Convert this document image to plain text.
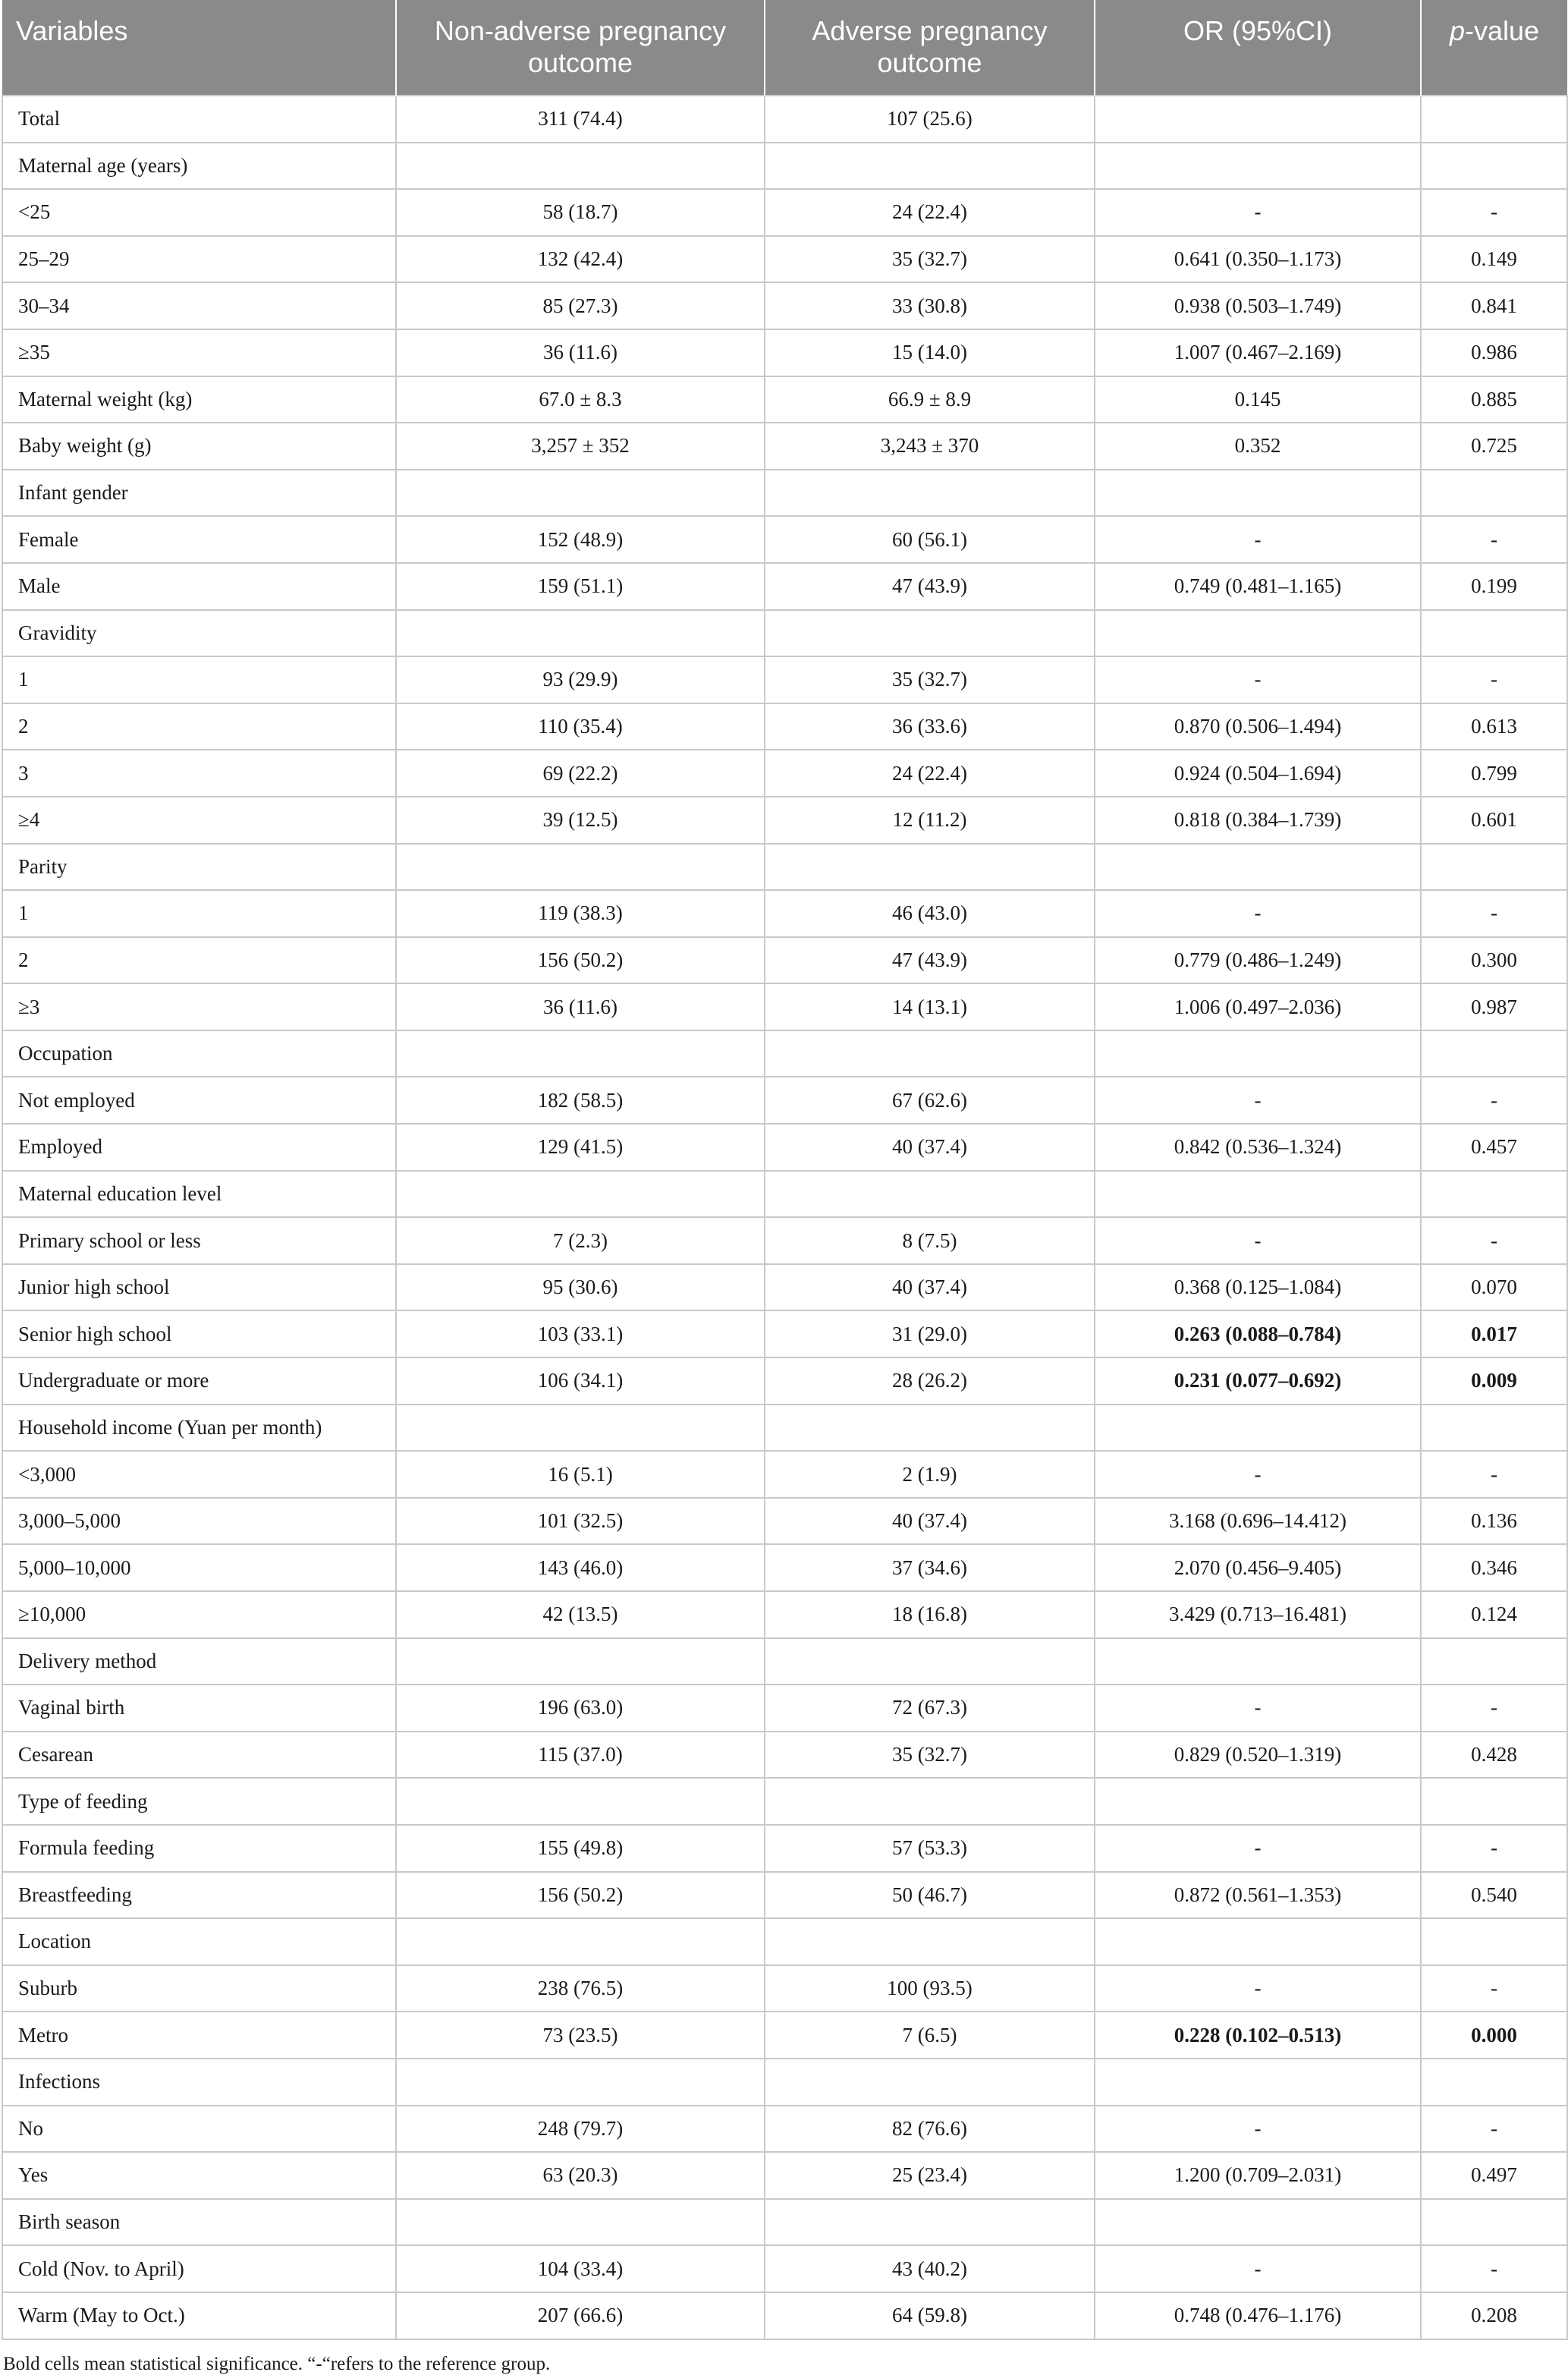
Variables	Non-adverse pregnancy outcome	Adverse pregnancy outcome	OR (95%CI)	p-value
Total	311 (74.4)	107 (25.6)		
Maternal age (years)				
<25	58 (18.7)	24 (22.4)	-	-
25–29	132 (42.4)	35 (32.7)	0.641 (0.350–1.173)	0.149
30–34	85 (27.3)	33 (30.8)	0.938 (0.503–1.749)	0.841
≥35	36 (11.6)	15 (14.0)	1.007 (0.467–2.169)	0.986
Maternal weight (kg)	67.0 ± 8.3	66.9 ± 8.9	0.145	0.885
Baby weight (g)	3,257 ± 352	3,243 ± 370	0.352	0.725
Infant gender				
Female	152 (48.9)	60 (56.1)	-	-
Male	159 (51.1)	47 (43.9)	0.749 (0.481–1.165)	0.199
Gravidity				
1	93 (29.9)	35 (32.7)	-	-
2	110 (35.4)	36 (33.6)	0.870 (0.506–1.494)	0.613
3	69 (22.2)	24 (22.4)	0.924 (0.504–1.694)	0.799
≥4	39 (12.5)	12 (11.2)	0.818 (0.384–1.739)	0.601
Parity				
1	119 (38.3)	46 (43.0)	-	-
2	156 (50.2)	47 (43.9)	0.779 (0.486–1.249)	0.300
≥3	36 (11.6)	14 (13.1)	1.006 (0.497–2.036)	0.987
Occupation				
Not employed	182 (58.5)	67 (62.6)	-	-
Employed	129 (41.5)	40 (37.4)	0.842 (0.536–1.324)	0.457
Maternal education level				
Primary school or less	7 (2.3)	8 (7.5)	-	-
Junior high school	95 (30.6)	40 (37.4)	0.368 (0.125–1.084)	0.070
Senior high school	103 (33.1)	31 (29.0)	0.263 (0.088–0.784)	0.017
Undergraduate or more	106 (34.1)	28 (26.2)	0.231 (0.077–0.692)	0.009
Household income (Yuan per month)				
<3,000	16 (5.1)	2 (1.9)	-	-
3,000–5,000	101 (32.5)	40 (37.4)	3.168 (0.696–14.412)	0.136
5,000–10,000	143 (46.0)	37 (34.6)	2.070 (0.456–9.405)	0.346
≥10,000	42 (13.5)	18 (16.8)	3.429 (0.713–16.481)	0.124
Delivery method				
Vaginal birth	196 (63.0)	72 (67.3)	-	-
Cesarean	115 (37.0)	35 (32.7)	0.829 (0.520–1.319)	0.428
Type of feeding				
Formula feeding	155 (49.8)	57 (53.3)	-	-
Breastfeeding	156 (50.2)	50 (46.7)	0.872 (0.561–1.353)	0.540
Location				
Suburb	238 (76.5)	100 (93.5)	-	-
Metro	73 (23.5)	7 (6.5)	0.228 (0.102–0.513)	0.000
Infections				
No	248 (79.7)	82 (76.6)	-	-
Yes	63 (20.3)	25 (23.4)	1.200 (0.709–2.031)	0.497
Birth season				
Cold (Nov. to April)	104 (33.4)	43 (40.2)	-	-
Warm (May to Oct.)	207 (66.6)	64 (59.8)	0.748 (0.476–1.176)	0.208
Bold cells mean statistical significance. “-“refers to the reference group.
